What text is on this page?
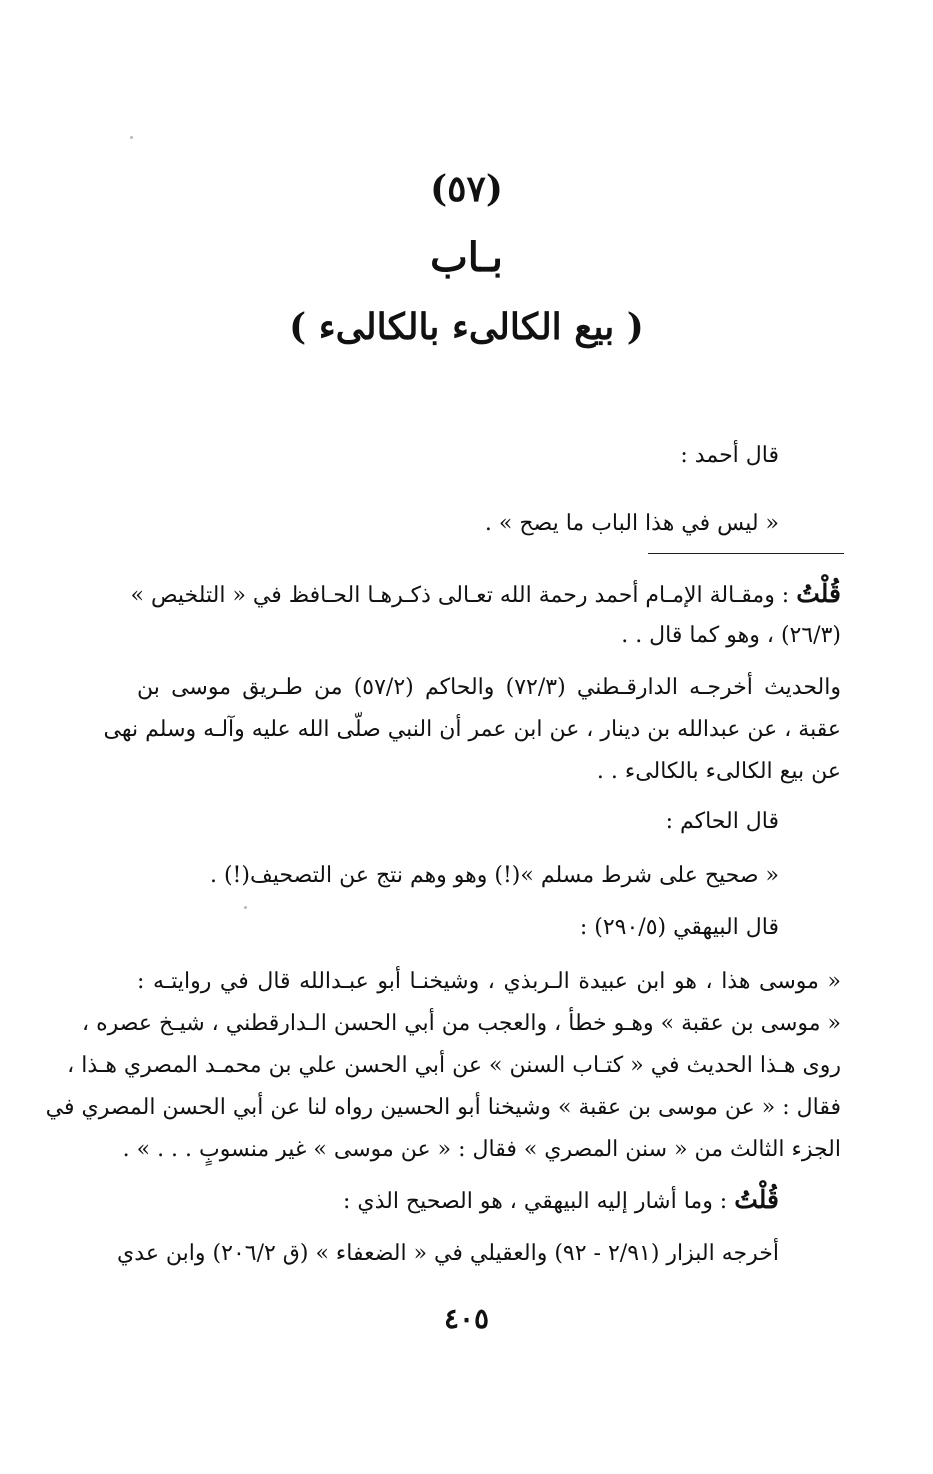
(٥٧)
بـاب
( بيع الكالىء بالكالىء )
قال أحمد :
« ليس في هذا الباب ما يصح » .
قُلْتُ : ومقـالة الإمـام أحمد رحمة الله تعـالى ذكـرهـا الحـافظ في « التلخيص »
(٢٦/٣) ، وهو كما قال . .
والحديث أخرجـه الدارقـطني (٧٢/٣) والحاكم (٥٧/٢) من طـريق موسى بن
عقبة ، عن عبدالله بن دينار ، عن ابن عمر أن النبي صلّى الله عليه وآلـه وسلم نهى
عن بيع الكالىء بالكالىء . .
قال الحاكم :
« صحيح على شرط مسلم »(!) وهو وهم نتج عن التصحيف(!) .
قال البيهقي (٢٩٠/٥) :
« موسى هذا ، هو ابن عبيدة الـربذي ، وشيخنـا أبو عبـدالله قال في روايتـه :
« موسى بن عقبة » وهـو خطأ ، والعجب من أبي الحسن الـدارقطني ، شيـخ عصره ،
روى هـذا الحديث في « كتـاب السنن » عن أبي الحسن علي بن محمـد المصري هـذا ،
فقال : « عن موسى بن عقبة » وشيخنا أبو الحسين رواه لنا عن أبي الحسن المصري في
الجزء الثالث من « سنن المصري » فقال : « عن موسى » غير منسوبٍ . . . » .
قُلْتُ : وما أشار إليه البيهقي ، هو الصحيح الذي :
أخرجه البزار (٢/٩١ - ٩٢) والعقيلي في « الضعفاء » (ق ٢٠٦/٢) وابن عدي
٤٠٥
